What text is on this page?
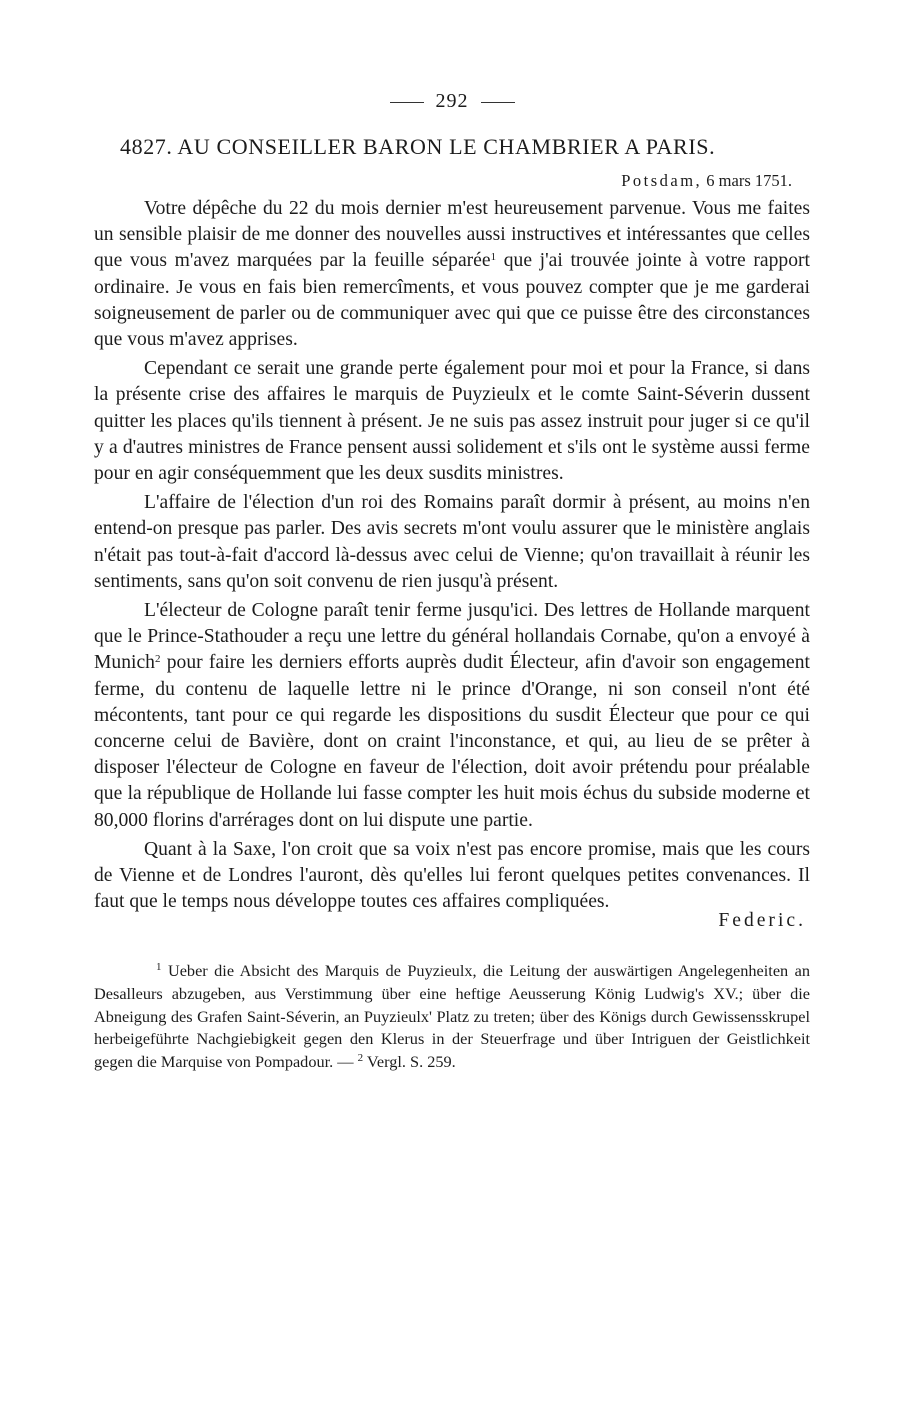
292
4827. AU CONSEILLER BARON LE CHAMBRIER A PARIS.
Potsdam, 6 mars 1751.

Votre dépêche du 22 du mois dernier m'est heureusement parvenue. Vous me faites un sensible plaisir de me donner des nouvelles aussi instructives et intéressantes que celles que vous m'avez marquées par la feuille séparée$^1$ que j'ai trouvée jointe à votre rapport ordinaire. Je vous en fais bien remercîments, et vous pouvez compter que je me garderai soigneusement de parler ou de communiquer avec qui que ce puisse être des circonstances que vous m'avez apprises.

Cependant ce serait une grande perte également pour moi et pour la France, si dans la présente crise des affaires le marquis de Puyzieulx et le comte Saint-Séverin dussent quitter les places qu'ils tiennent à présent. Je ne suis pas assez instruit pour juger si ce qu'il y a d'autres ministres de France pensent aussi solidement et s'ils ont le système aussi ferme pour en agir conséquemment que les deux susdits ministres.

L'affaire de l'élection d'un roi des Romains paraît dormir à présent, au moins n'en entend-on presque pas parler. Des avis secrets m'ont voulu assurer que le ministère anglais n'était pas tout-à-fait d'accord là-dessus avec celui de Vienne; qu'on travaillait à réunir les sentiments, sans qu'on soit convenu de rien jusqu'à présent.

L'électeur de Cologne paraît tenir ferme jusqu'ici. Des lettres de Hollande marquent que le Prince-Stathouder a reçu une lettre du général hollandais Cornabe, qu'on a envoyé à Munich$^2$ pour faire les derniers efforts auprès dudit Électeur, afin d'avoir son engagement ferme, du contenu de laquelle lettre ni le prince d'Orange, ni son conseil n'ont été mécontents, tant pour ce qui regarde les dispositions du susdit Électeur que pour ce qui concerne celui de Bavière, dont on craint l'inconstance, et qui, au lieu de se prêter à disposer l'électeur de Cologne en faveur de l'élection, doit avoir prétendu pour préalable que la république de Hollande lui fasse compter les huit mois échus du subside moderne et 80,000 florins d'arrérages dont on lui dispute une partie.

Quant à la Saxe, l'on croit que sa voix n'est pas encore promise, mais que les cours de Vienne et de Londres l'auront, dès qu'elles lui feront quelques petites convenances. Il faut que le temps nous développe toutes ces affaires compliquées.

Federic.

$^1$ Ueber die Absicht des Marquis de Puyzieulx, die Leitung der auswärtigen Angelegenheiten an Desalleurs abzugeben, aus Verstimmung über eine heftige Aeusserung König Ludwig's XV.; über die Abneigung des Grafen Saint-Séverin, an Puyzieulx' Platz zu treten; über des Königs durch Gewissensskrupel herbeigeführte Nachgiebigkeit gegen den Klerus in der Steuerfrage und über Intriguen der Geistlichkeit gegen die Marquise von Pompadour. — $^2$ Vergl. S. 259.
